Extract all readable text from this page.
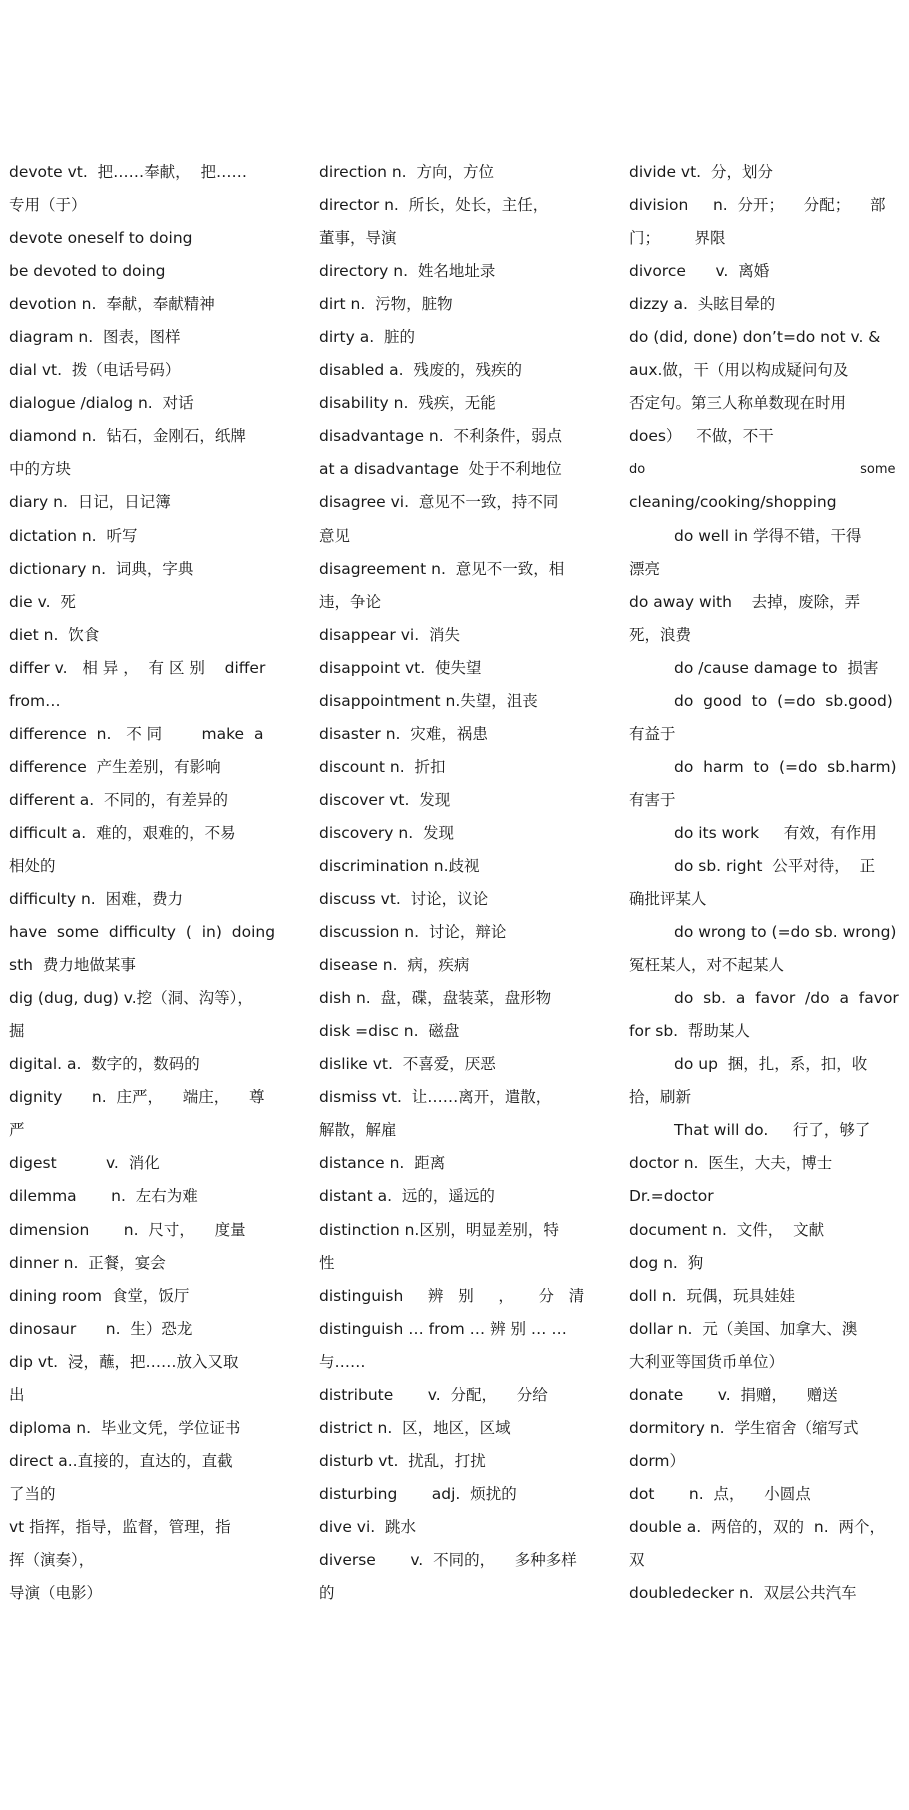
devote vt.  把……奉献，  把……
专用（于）
devote oneself to doing
be devoted to doing
devotion n.  奉献，奉献精神
diagram n.  图表，图样
dial vt.  拨（电话号码）
dialogue /dialog n.  对话
diamond n.  钻石，金刚石，纸牌
中的方块
diary n.  日记，日记簿
dictation n.  听写
dictionary n.  词典，字典
die v.  死
diet n.  饮食
differ v.   相 异 ，  有 区 别    differ
from…
difference  n.   不 同        make  a
difference  产生差别，有影响
different a.  不同的，有差异的
difficult a.  难的，艰难的，不易
相处的
difficulty n.  困难，费力
have  some  difficulty  (  in)  doing
sth  费力地做某事
dig (dug, dug) v.挖（洞、沟等），
掘
digital. a.  数字的，数码的
dignity      n.  庄严，    端庄，    尊
严
digest          v.  消化
dilemma       n.  左右为难
dimension       n.  尺寸，    度量
dinner n.  正餐，宴会
dining room  食堂，饭厅
dinosaur      n.  生）恐龙
dip vt.  浸，蘸，把……放入又取
出
diploma n.  毕业文凭，学位证书
direct a..直接的，直达的，直截
了当的
vt 指挥，指导，监督，管理，指
挥（演奏），
导演（电影）
direction n.  方向，方位
director n.  所长，处长，主任，
董事，导演
directory n.  姓名地址录
dirt n.  污物，脏物
dirty a.  脏的
disabled a.  残废的，残疾的
disability n.  残疾，无能
disadvantage n.  不利条件，弱点
at a disadvantage  处于不利地位
disagree vi.  意见不一致，持不同
意见
disagreement n.  意见不一致，相
违，争论
disappear vi.  消失
disappoint vt.  使失望
disappointment n.失望，沮丧
disaster n.  灾难，祸患
discount n.  折扣
discover vt.  发现
discovery n.  发现
discrimination n.歧视
discuss vt.  讨论，议论
discussion n.  讨论，辩论
disease n.  病，疾病
dish n.  盘，碟，盘装菜，盘形物
disk =disc n.  磁盘
dislike vt.  不喜爱，厌恶
dismiss vt.  让……离开，遣散，
解散，解雇
distance n.  距离
distant a.  远的，遥远的
distinction n.区别，明显差别，特
性
distinguish     辨   别     ，     分   清
distinguish … from … 辨 别 … …
与……
distribute       v.  分配，    分给
district n.  区，地区，区域
disturb vt.  扰乱，打扰
disturbing       adj.  烦扰的
dive vi.  跳水
diverse       v.  不同的，    多种多样
的
divide vt.  分，划分
division     n.  分开；    分配；    部
门；       界限
divorce      v.  离婚
dizzy a.  头眩目晕的
do (did, done) don’t=do not v. &
aux.做，干（用以构成疑问句及
否定句。第三人称单数现在时用
does）   不做，不干
do                                                    some
cleaning/cooking/shopping
do well in 学得不错，干得
漂亮
do away with    去掉，废除，弄
死，浪费
do /cause damage to  损害
do  good  to  (=do  sb.good)
有益于
do  harm  to  (=do  sb.harm)
有害于
do its work     有效，有作用
do sb. right  公平对待，  正
确批评某人
do wrong to (=do sb. wrong)
冤枉某人，对不起某人
do  sb.  a  favor  /do  a  favor
for sb.  帮助某人
do up  捆，扎，系，扣，收
拾，刷新
That will do.     行了，够了
doctor n.  医生，大夫，博士
Dr.=doctor
document n.  文件，  文献
dog n.  狗
doll n.  玩偶，玩具娃娃
dollar n.  元（美国、加拿大、澳
大利亚等国货币单位）
donate       v.  捐赠，    赠送
dormitory n.  学生宿舍（缩写式
dorm）
dot       n.  点，    小圆点
double a.  两倍的，双的  n.  两个，
双
doubledecker n.  双层公共汽车
